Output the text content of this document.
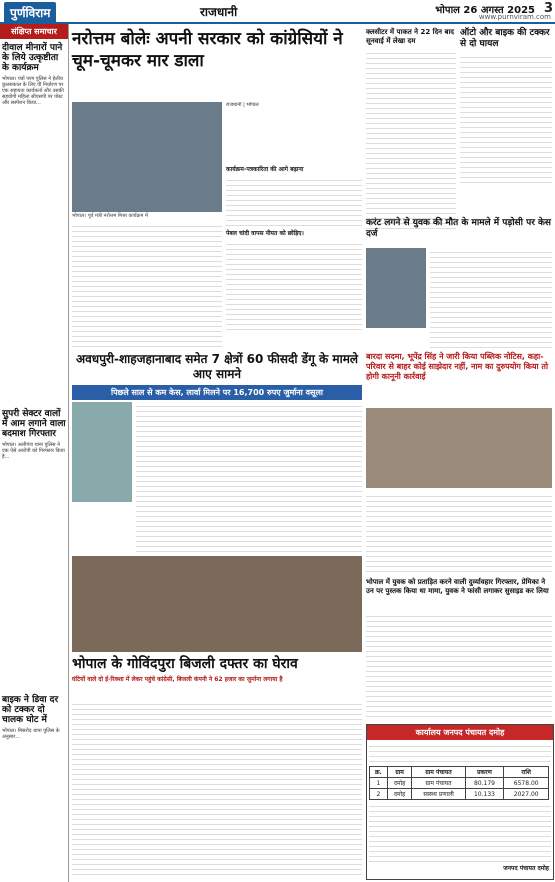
पुर्णविराम	राजधानी	भोपाल 26 अगस्त 2025 3
www.purnviram.com
संक्षिप्त समाचार
दीवाल मीनारों पाने के लिये उत्कृष्टीता के कार्यक्रम
भोपाल। पत्रों परम पुलिस ने हेलीय कुलसकाल के लिए वी निर्धारण पर एक सहायता कार्यकर्ता और उसकी सहयोगी महिला सीएसपी पर पोस्ट और सस्पेंशन किया...
सुपरी सेक्टर वालों में आम लगाने वाला बदमाश गिरफ्तार
भोपाल। अलीगंज थाना पुलिस ने एक ऐसे आरोपी को गिरफ्तार किया है...
बाइक ने डिवा दर को टक्कर दो चालक घोट में
भोपाल। मिसरोद थाना पुलिस के अनुसार...
नरोत्तम बोलेः अपनी सरकार को कांग्रेसियों ने चूम-चूमकर मार डाला
भोपाल। पूर्व मंत्री नरोत्तम मिश्रा कार्यक्रम में
राजधानी | भोपाल
कार्यक्रम-पत्रकारिता की आगे बढ़ाना
पेबल चांदी वापस नीयत को छोड़िए।
क्लसीटर में पाकत ने 22 दिन बाद सूनवाई में लेखा दम
ऑटो और बाइक की टक्कर से दो घायल
करंट लगने से युवक की मौत के मामले में पड़ोसी पर केस दर्ज
अवधपुरी-शाहजहानाबाद समेत 7 क्षेत्रों 60 फीसदी डेंगू के मामले आए सामने
पिछले साल से कम केस, लार्वा मिलने पर 16,700 रुपए जुर्माना वसूला
बारदा सदमा, भूपेंद्र सिंह ने जारी किया पब्लिक नोटिस, कहा- परिवार से बाहर कोई साझेदार नहीं, नाम का दुरुपयोग किया तो होगी कानूनी कार्रवाई
भोपाल में युवक को प्रताड़ित करने वाली दुर्व्यावहार गिरफ्तार, प्रेमिका ने उन पर पुस्तक किया था मामा, युवक ने फांसी लगाकर सुसाइड कर लिया
भोपाल के गोविंदपुरा बिजली दफ्तर का घेराव
घंटियों वाले दो ई-रिक्शा में लेकर पहुंचे कांग्रेसी, बिजली कंपनी ने 62 हजार का जुर्माना लगाया है
कार्यालय जनपद पंचायत दमोह
क्र.	ग्राम	ग्राम पंचायत	प्रकरण	राशि
1	दमोह	ग्राम पंचायत	80.179	6578.00
2	दमोह	स्वस्थ्य प्रणाली	10.133	2027.00
जनपद पंचायत दमोह
